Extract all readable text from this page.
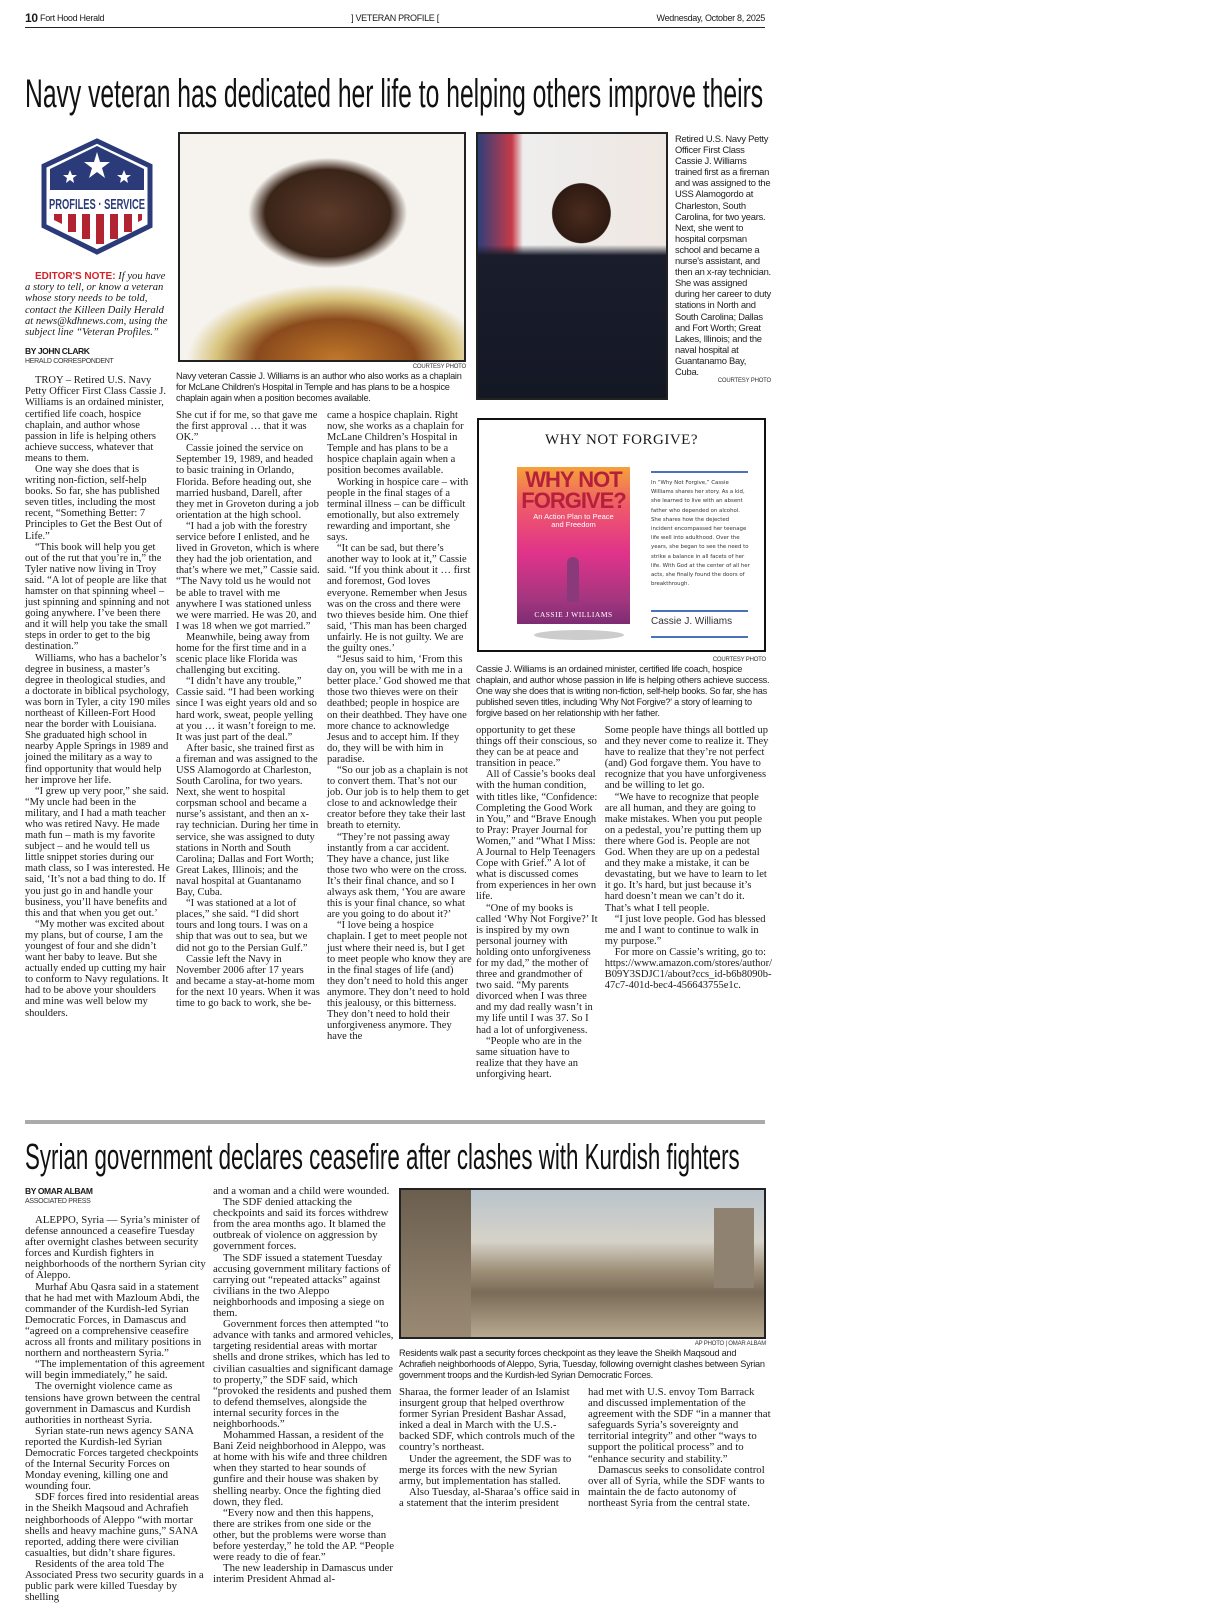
10 Fort Hood Herald	] VETERAN PROFILE [	Wednesday, October 8, 2025
Navy veteran has dedicated her life to helping others improve theirs
PROFILES · SERVICE
EDITOR'S NOTE: If you have a story to tell, or know a veteran whose story needs to be told, contact the Killeen Daily Herald at news@kdhnews.com, using the subject line “Veteran Profiles.”
BY JOHN CLARK
HERALD CORRESPONDENT

TROY – Retired U.S. Navy Petty Officer First Class Cassie J. Williams is an ordained minister, certified life coach, hospice chaplain, and author whose passion in life is helping others achieve success, whatever that means to them.

One way she does that is writing non-fiction, self-help books. So far, she has published seven titles, including the most recent, “Something Better: 7 Principles to Get the Best Out of Life.”

“This book will help you get out of the rut that you’re in,” the Tyler native now living in Troy said. “A lot of people are like that hamster on that spinning wheel – just spinning and spinning and not going anywhere. I’ve been there and it will help you take the small steps in order to get to the big destination.”

Williams, who has a bachelor’s degree in business, a master’s degree in theological studies, and a doctorate in biblical psychology, was born in Tyler, a city 190 miles northeast of Killeen-Fort Hood near the border with Louisiana. She graduated high school in nearby Apple Springs in 1989 and joined the military as a way to find opportunity that would help her improve her life.

“I grew up very poor,” she said. “My uncle had been in the military, and I had a math teacher who was retired Navy. He made math fun – math is my favorite subject – and he would tell us little snippet stories during our math class, so I was interested. He said, ‘It’s not a bad thing to do. If you just go in and handle your business, you’ll have benefits and this and that when you get out.’

“My mother was excited about my plans, but of course, I am the youngest of four and she didn’t want her baby to leave. But she actually ended up cutting my hair to conform to Navy regulations. It had to be above your shoulders and mine was well below my shoulders.

COURTESY PHOTO
Navy veteran Cassie J. Williams is an author who also works as a chaplain for McLane Children's Hospital in Temple and has plans to be a hospice chaplain again when a position becomes available.

She cut if for me, so that gave me the first approval … that it was OK.”

Cassie joined the service on September 19, 1989, and headed to basic training in Orlando, Florida. Before heading out, she married husband, Darell, after they met in Groveton during a job orientation at the high school.

“I had a job with the forestry service before I enlisted, and he lived in Groveton, which is where they had the job orientation, and that’s where we met,” Cassie said. “The Navy told us he would not be able to travel with me anywhere I was stationed unless we were married. He was 20, and I was 18 when we got married.”

Meanwhile, being away from home for the first time and in a scenic place like Florida was challenging but exciting.

“I didn’t have any trouble,” Cassie said. “I had been working since I was eight years old and so hard work, sweat, people yelling at you … it wasn’t foreign to me. It was just part of the deal.”

After basic, she trained first as a fireman and was assigned to the USS Alamogordo at Charleston, South Carolina, for two years. Next, she went to hospital corpsman school and became a nurse’s assistant, and then an x-ray technician. During her time in service, she was assigned to duty stations in North and South Carolina; Dallas and Fort Worth; Great Lakes, Illinois; and the naval hospital at Guantanamo Bay, Cuba.

“I was stationed at a lot of places,” she said. “I did short tours and long tours. I was on a ship that was out to sea, but we did not go to the Persian Gulf.”

Cassie left the Navy in November 2006 after 17 years and became a stay-at-home mom for the next 10 years. When it was time to go back to work, she be-

came a hospice chaplain. Right now, she works as a chaplain for McLane Children’s Hospital in Temple and has plans to be a hospice chaplain again when a position becomes available.

Working in hospice care – with people in the final stages of a terminal illness – can be difficult emotionally, but also extremely rewarding and important, she says.

“It can be sad, but there’s another way to look at it,” Cassie said. “If you think about it … first and foremost, God loves everyone. Remember when Jesus was on the cross and there were two thieves beside him. One thief said, ‘This man has been charged unfairly. He is not guilty. We are the guilty ones.’

“Jesus said to him, ‘From this day on, you will be with me in a better place.’ God showed me that those two thieves were on their deathbed; people in hospice are on their deathbed. They have one more chance to acknowledge Jesus and to accept him. If they do, they will be with him in paradise.

“So our job as a chaplain is not to convert them. That’s not our job. Our job is to help them to get close to and acknowledge their creator before they take their last breath to eternity.

“They’re not passing away instantly from a car accident. They have a chance, just like those two who were on the cross. It’s their final chance, and so I always ask them, ‘You are aware this is your final chance, so what are you going to do about it?’

“I love being a hospice chaplain. I get to meet people not just where their need is, but I get to meet people who know they are in the final stages of life (and) they don’t need to hold this anger anymore. They don’t need to hold this jealousy, or this bitterness. They don’t need to hold their unforgiveness anymore. They have the

Retired U.S. Navy Petty Officer First Class Cassie J. Williams trained first as a fireman and was assigned to the USS Alamogordo at Charleston, South Carolina, for two years. Next, she went to hospital corpsman school and became a nurse's assistant, and then an x-ray technician. She was assigned during her career to duty stations in North and South Carolina; Dallas and Fort Worth; Great Lakes, Illinois; and the naval hospital at Guantanamo Bay, Cuba.
COURTESY PHOTO
WHY NOT FORGIVE?
WHY NOT
FORGIVE?
An Action Plan to Peace and Freedom
CASSIE J WILLIAMS
In “Why Not Forgive,” Cassie Williams shares her story. As a kid, she learned to live with an absent father who depended on alcohol. She shares how the dejected incident encompassed her teenage life well into adulthood. Over the years, she began to see the need to strike a balance in all facets of her life. With God at the center of all her acts, she finally found the doors of breakthrough.
Cassie J. Williams
COURTESY PHOTO
Cassie J. Williams is an ordained minister, certified life coach, hospice chaplain, and author whose passion in life is helping others achieve success. One way she does that is writing non-fiction, self-help books. So far, she has published seven titles, including 'Why Not Forgive?' a story of learning to forgive based on her relationship with her father.

opportunity to get these things off their conscious, so they can be at peace and transition in peace.”

All of Cassie’s books deal with the human condition, with titles like, “Confidence: Completing the Good Work in You,” and “Brave Enough to Pray: Prayer Journal for Women,” and “What I Miss: A Journal to Help Teenagers Cope with Grief.” A lot of what is discussed comes from experiences in her own life.

“One of my books is called ‘Why Not Forgive?’ It is inspired by my own personal journey with holding onto unforgiveness for my dad,” the mother of three and grandmother of two said. “My parents divorced when I was three and my dad really wasn’t in my life until I was 37. So I had a lot of unforgiveness.

“People who are in the same situation have to realize that they have an unforgiving heart.

Some people have things all bottled up and they never come to realize it. They have to realize that they’re not perfect (and) God forgave them. You have to recognize that you have unforgiveness and be willing to let go.

“We have to recognize that people are all human, and they are going to make mistakes. When you put people on a pedestal, you’re putting them up there where God is. People are not God. When they are up on a pedestal and they make a mistake, it can be devastating, but we have to learn to let it go. It’s hard, but just because it’s hard doesn’t mean we can’t do it. That’s what I tell people.

“I just love people. God has blessed me and I want to continue to walk in my purpose.”

For more on Cassie’s writing, go to: https://www.amazon.com/stores/author/ B09Y3SDJC1/about?ccs_id-b6b8090b-47c7-401d-bec4-456643755e1c.

Syrian government declares ceasefire after clashes with Kurdish fighters
BY OMAR ALBAM
ASSOCIATED PRESS

ALEPPO, Syria — Syria’s minister of defense announced a ceasefire Tuesday after overnight clashes between security forces and Kurdish fighters in neighborhoods of the northern Syrian city of Aleppo.

Murhaf Abu Qasra said in a statement that he had met with Mazloum Abdi, the commander of the Kurdish-led Syrian Democratic Forces, in Damascus and “agreed on a comprehensive ceasefire across all fronts and military positions in northern and northeastern Syria.”

“The implementation of this agreement will begin immediately,” he said.

The overnight violence came as tensions have grown between the central government in Damascus and Kurdish authorities in northeast Syria.

Syrian state-run news agency SANA reported the Kurdish-led Syrian Democratic Forces targeted checkpoints of the Internal Security Forces on Monday evening, killing one and wounding four.

SDF forces fired into residential areas in the Sheikh Maqsoud and Achrafieh neighborhoods of Aleppo “with mortar shells and heavy machine guns,” SANA reported, adding there were civilian casualties, but didn’t share figures.

Residents of the area told The Associated Press two security guards in a public park were killed Tuesday by shelling

and a woman and a child were wounded.

The SDF denied attacking the checkpoints and said its forces withdrew from the area months ago. It blamed the outbreak of violence on aggression by government forces.

The SDF issued a statement Tuesday accusing government military factions of carrying out “repeated attacks” against civilians in the two Aleppo neighborhoods and imposing a siege on them.

Government forces then attempted “to advance with tanks and armored vehicles, targeting residential areas with mortar shells and drone strikes, which has led to civilian casualties and significant damage to property,” the SDF said, which “provoked the residents and pushed them to defend themselves, alongside the internal security forces in the neighborhoods.”

Mohammed Hassan, a resident of the Bani Zeid neighborhood in Aleppo, was at home with his wife and three children when they started to hear sounds of gunfire and their house was shaken by shelling nearby. Once the fighting died down, they fled.

“Every now and then this happens, there are strikes from one side or the other, but the problems were worse than before yesterday,” he told the AP. “People were ready to die of fear.”

The new leadership in Damascus under interim President Ahmad al-

AP PHOTO | OMAR ALBAM
Residents walk past a security forces checkpoint as they leave the Sheikh Maqsoud and Achrafieh neighborhoods of Aleppo, Syria, Tuesday, following overnight clashes between Syrian government troops and the Kurdish-led Syrian Democratic Forces.

Sharaa, the former leader of an Islamist insurgent group that helped overthrow former Syrian President Bashar Assad, inked a deal in March with the U.S.-backed SDF, which controls much of the country’s northeast.

Under the agreement, the SDF was to merge its forces with the new Syrian army, but implementation has stalled.

Also Tuesday, al-Sharaa’s office said in a statement that the interim president

had met with U.S. envoy Tom Barrack and discussed implementation of the agreement with the SDF “in a manner that safeguards Syria’s sovereignty and territorial integrity” and other “ways to support the political process” and to “enhance security and stability.”

Damascus seeks to consolidate control over all of Syria, while the SDF wants to maintain the de facto autonomy of northeast Syria from the central state.
